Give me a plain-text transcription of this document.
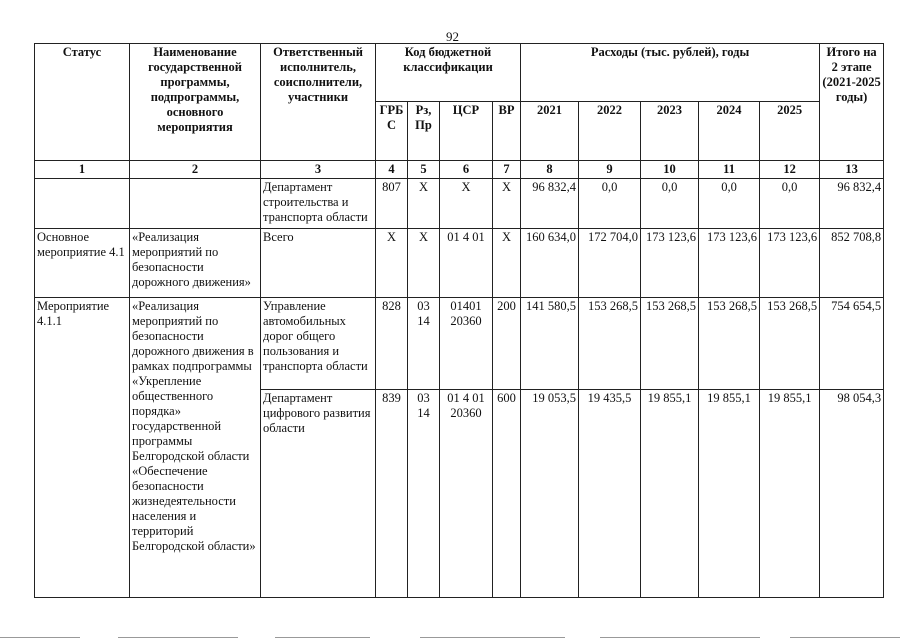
92
Статус	Наименование государственной программы, подпрограммы, основного мероприятия	Ответственный исполнитель, соисполнители, участники	Код бюджетной классификации				Расходы (тыс. рублей), годы					Итого на 2 этапе (2021-2025 годы)
			ГРБ С	Рз, Пр	ЦСР	ВР	2021	2022	2023	2024	2025	
1	2	3	4	5	6	7	8	9	10	11	12	13
		Департамент строительства и транспорта области	807	Х	Х	Х	96 832,4	0,0	0,0	0,0	0,0	96 832,4
Основное мероприятие 4.1	«Реализация мероприятий по безопасности дорожного движения»	Всего	Х	Х	01 4 01	Х	160 634,0	172 704,0	173 123,6	173 123,6	173 123,6	852 708,8
Мероприятие 4.1.1	«Реализация мероприятий по безопасности дорожного движения в рамках подпрограммы «Укрепление общественного порядка» государственной программы Белгородской области «Обеспечение безопасности жизнедеятельности населения и территорий Белгородской области»	Управление автомобильных дорог общего пользования и транспорта области	828	03 14	01401 20360	200	141 580,5	153 268,5	153 268,5	153 268,5	153 268,5	754 654,5
		Департамент цифрового развития области	839	03 14	01 4 01 20360	600	19 053,5	19 435,5	19 855,1	19 855,1	19 855,1	98 054,3
